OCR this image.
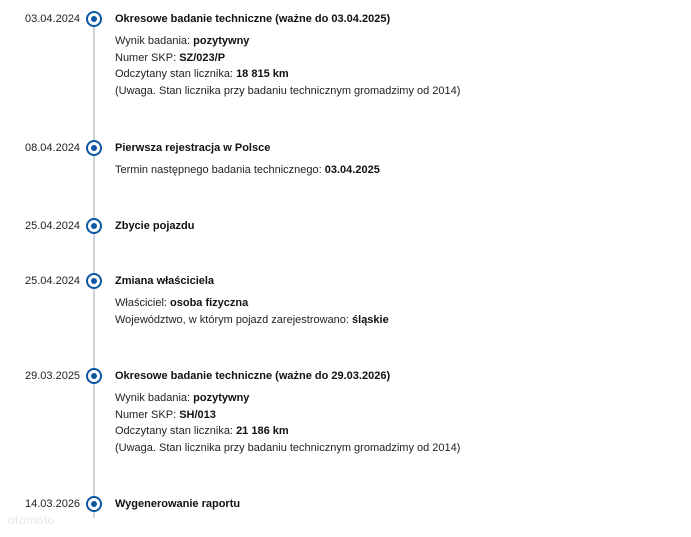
03.04.2024	Okresowe badanie techniczne (ważne do 03.04.2025)
Wynik badania: pozytywny
Numer SKP: SZ/023/P
Odczytany stan licznika: 18 815 km
(Uwaga. Stan licznika przy badaniu technicznym gromadzimy od 2014)
08.04.2024	Pierwsza rejestracja w Polsce
Termin następnego badania technicznego: 03.04.2025
25.04.2024	Zbycie pojazdu
25.04.2024	Zmiana właściciela
Właściciel: osoba fizyczna
Województwo, w którym pojazd zarejestrowano: śląskie
29.03.2025	Okresowe badanie techniczne (ważne do 29.03.2026)
Wynik badania: pozytywny
Numer SKP: SH/013
Odczytany stan licznika: 21 186 km
(Uwaga. Stan licznika przy badaniu technicznym gromadzimy od 2014)
14.03.2026	Wygenerowanie raportu
otomoto
